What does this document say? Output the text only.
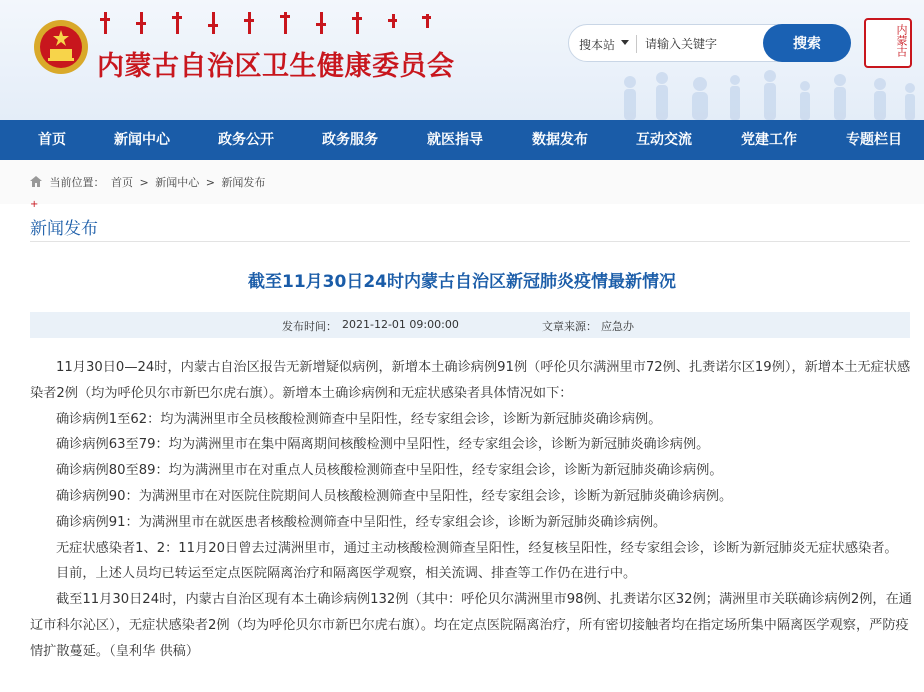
内蒙古自治区卫生健康委员会
搜本站
请输入关键字	搜索	内蒙古
首页	新闻中心	政务公开	政务服务	就医指导	数据发布	互动交流	党建工作	专题栏目
当前位置： 首页 > 新闻中心 > 新闻发布
+
新闻发布
截至11月30日24时内蒙古自治区新冠肺炎疫情最新情况
发布时间： 2021-12-01 09:00:00	文章来源： 应急办

11月30日0—24时，内蒙古自治区报告无新增疑似病例，新增本土确诊病例91例（呼伦贝尔满洲里市72例、扎赉诺尔区19例），新增本土无症状感染者2例（均为呼伦贝尔市新巴尔虎右旗）。新增本土确诊病例和无症状感染者具体情况如下：

确诊病例1至62：均为满洲里市全员核酸检测筛查中呈阳性，经专家组会诊，诊断为新冠肺炎确诊病例。

确诊病例63至79：均为满洲里市在集中隔离期间核酸检测中呈阳性，经专家组会诊，诊断为新冠肺炎确诊病例。

确诊病例80至89：均为满洲里市在对重点人员核酸检测筛查中呈阳性，经专家组会诊，诊断为新冠肺炎确诊病例。

确诊病例90：为满洲里市在对医院住院期间人员核酸检测筛查中呈阳性，经专家组会诊，诊断为新冠肺炎确诊病例。

确诊病例91：为满洲里市在就医患者核酸检测筛查中呈阳性，经专家组会诊，诊断为新冠肺炎确诊病例。

无症状感染者1、2：11月20日曾去过满洲里市，通过主动核酸检测筛查呈阳性，经复核呈阳性，经专家组会诊，诊断为新冠肺炎无症状感染者。

目前，上述人员均已转运至定点医院隔离治疗和隔离医学观察，相关流调、排查等工作仍在进行中。

截至11月30日24时，内蒙古自治区现有本土确诊病例132例（其中：呼伦贝尔满洲里市98例、扎赉诺尔区32例；满洲里市关联确诊病例2例，在通辽市科尔沁区），无症状感染者2例（均为呼伦贝尔市新巴尔虎右旗）。均在定点医院隔离治疗，所有密切接触者均在指定场所集中隔离医学观察，严防疫情扩散蔓延。（皇利华 供稿）
